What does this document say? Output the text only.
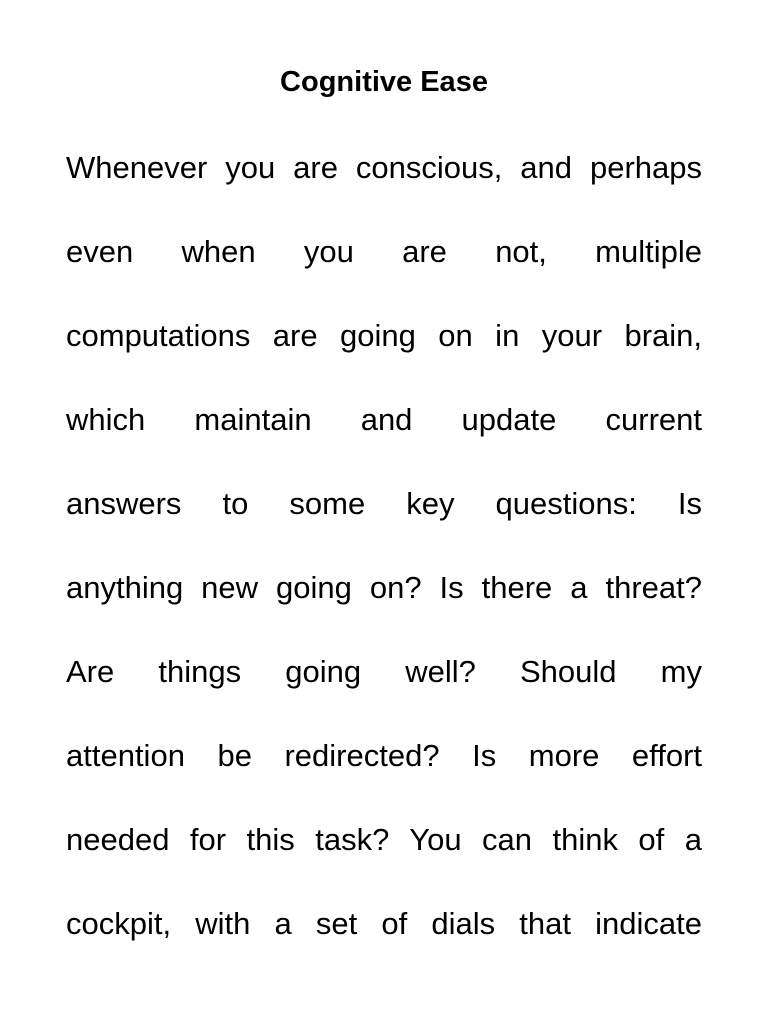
Cognitive Ease
Whenever you are conscious, and perhaps
even when you are not, multiple
computations are going on in your brain,
which maintain and update current
answers to some key questions: Is
anything new going on? Is there a threat?
Are things going well? Should my
attention be redirected? Is more effort
needed for this task? You can think of a
cockpit, with a set of dials that indicate
